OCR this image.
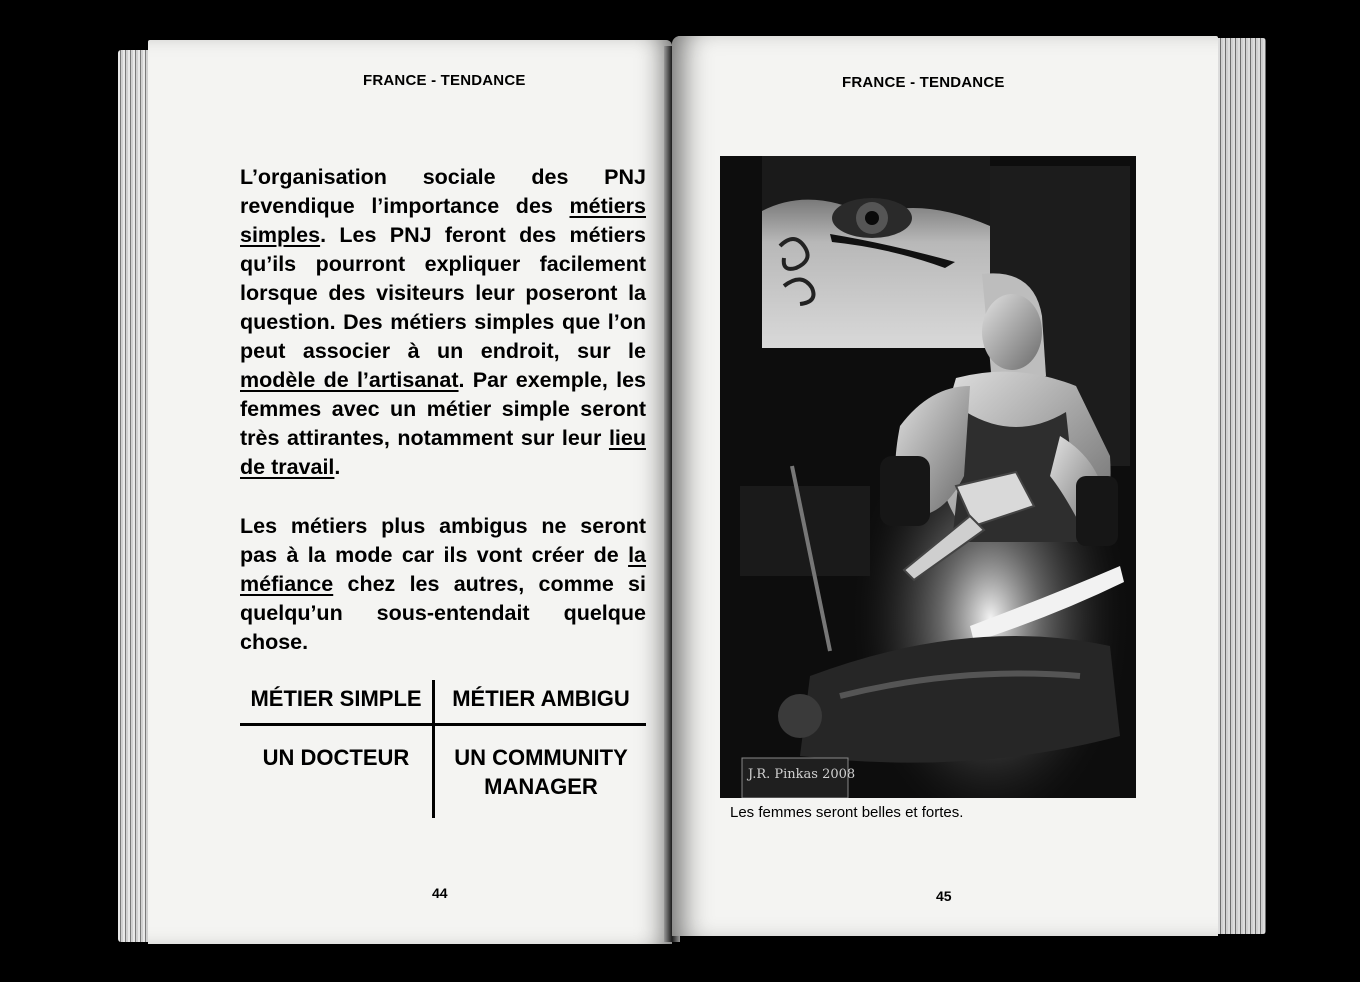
FRANCE - TENDANCE

L’organisation sociale des PNJ revendique l’importance des métiers simples. Les PNJ feront des métiers qu’ils pourront expliquer facilement lorsque des visiteurs leur poseront la question. Des métiers simples que l’on peut associer à un endroit, sur le modèle de l’artisanat. Par exemple, les femmes avec un métier simple seront très attirantes, notamment sur leur lieu de travail.

Les métiers plus ambigus ne seront pas à la mode car ils vont créer de la méfiance chez les autres, comme si quelqu’un sous-entendait quelque chose.

MÉTIER SIMPLE	MÉTIER AMBIGU
UN DOCTEUR	UN COMMUNITY
MANAGER
44
FRANCE - TENDANCE
J.R. Pinkas 2008
Les femmes seront belles et fortes.
45
